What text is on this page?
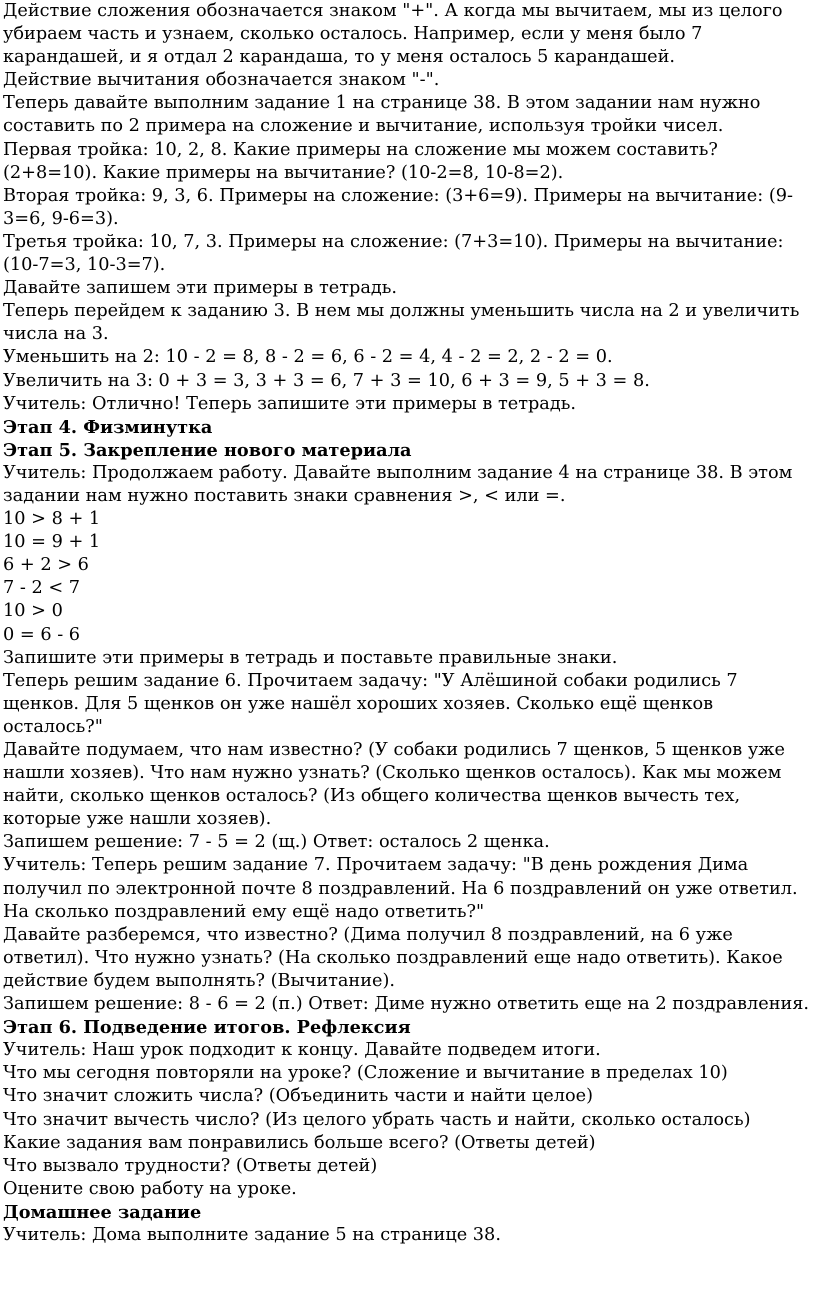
Действие сложения обозначается знаком "+". А когда мы вычитаем, мы из целого убираем часть и узнаем, сколько осталось. Например, если у меня было 7 карандашей, и я отдал 2 карандаша, то у меня осталось 5 карандашей.

Действие вычитания обозначается знаком "-".

Теперь давайте выполним задание 1 на странице 38. В этом задании нам нужно составить по 2 примера на сложение и вычитание, используя тройки чисел.

Первая тройка: 10, 2, 8. Какие примеры на сложение мы можем составить? (2+8=10). Какие примеры на вычитание? (10-2=8, 10-8=2).

Вторая тройка: 9, 3, 6. Примеры на сложение: (3+6=9). Примеры на вычитание: (9-3=6, 9-6=3).

Третья тройка: 10, 7, 3. Примеры на сложение: (7+3=10). Примеры на вычитание: (10-7=3, 10-3=7).

Давайте запишем эти примеры в тетрадь.

Теперь перейдем к заданию 3. В нем мы должны уменьшить числа на 2 и увеличить числа на 3.

Уменьшить на 2: 10 - 2 = 8, 8 - 2 = 6, 6 - 2 = 4, 4 - 2 = 2, 2 - 2 = 0.

Увеличить на 3: 0 + 3 = 3, 3 + 3 = 6, 7 + 3 = 10, 6 + 3 = 9, 5 + 3 = 8.

Учитель: Отлично! Теперь запишите эти примеры в тетрадь.

Этап 4. Физминутка

Этап 5. Закрепление нового материала

Учитель: Продолжаем работу. Давайте выполним задание 4 на странице 38. В этом задании нам нужно поставить знаки сравнения >, < или =.

10 > 8 + 1

10 = 9 + 1

6 + 2 > 6

7 - 2 < 7

10 > 0

0 = 6 - 6

Запишите эти примеры в тетрадь и поставьте правильные знаки.

Теперь решим задание 6. Прочитаем задачу: "У Алёшиной собаки родились 7 щенков. Для 5 щенков он уже нашёл хороших хозяев. Сколько ещё щенков осталось?"

Давайте подумаем, что нам известно? (У собаки родились 7 щенков, 5 щенков уже нашли хозяев). Что нам нужно узнать? (Сколько щенков осталось). Как мы можем найти, сколько щенков осталось? (Из общего количества щенков вычесть тех, которые уже нашли хозяев).

Запишем решение: 7 - 5 = 2 (щ.) Ответ: осталось 2 щенка.

Учитель: Теперь решим задание 7. Прочитаем задачу: "В день рождения Дима получил по электронной почте 8 поздравлений. На 6 поздравлений он уже ответил. На сколько поздравлений ему ещё надо ответить?"

Давайте разберемся, что известно? (Дима получил 8 поздравлений, на 6 уже ответил). Что нужно узнать? (На сколько поздравлений еще надо ответить). Какое действие будем выполнять? (Вычитание).

Запишем решение: 8 - 6 = 2 (п.) Ответ: Диме нужно ответить еще на 2 поздравления.

Этап 6. Подведение итогов. Рефлексия

Учитель: Наш урок подходит к концу. Давайте подведем итоги.

Что мы сегодня повторяли на уроке? (Сложение и вычитание в пределах 10)

Что значит сложить числа? (Объединить части и найти целое)

Что значит вычесть число? (Из целого убрать часть и найти, сколько осталось)

Какие задания вам понравились больше всего? (Ответы детей)

Что вызвало трудности? (Ответы детей)

Оцените свою работу на уроке.

Домашнее задание

Учитель: Дома выполните задание 5 на странице 38.
